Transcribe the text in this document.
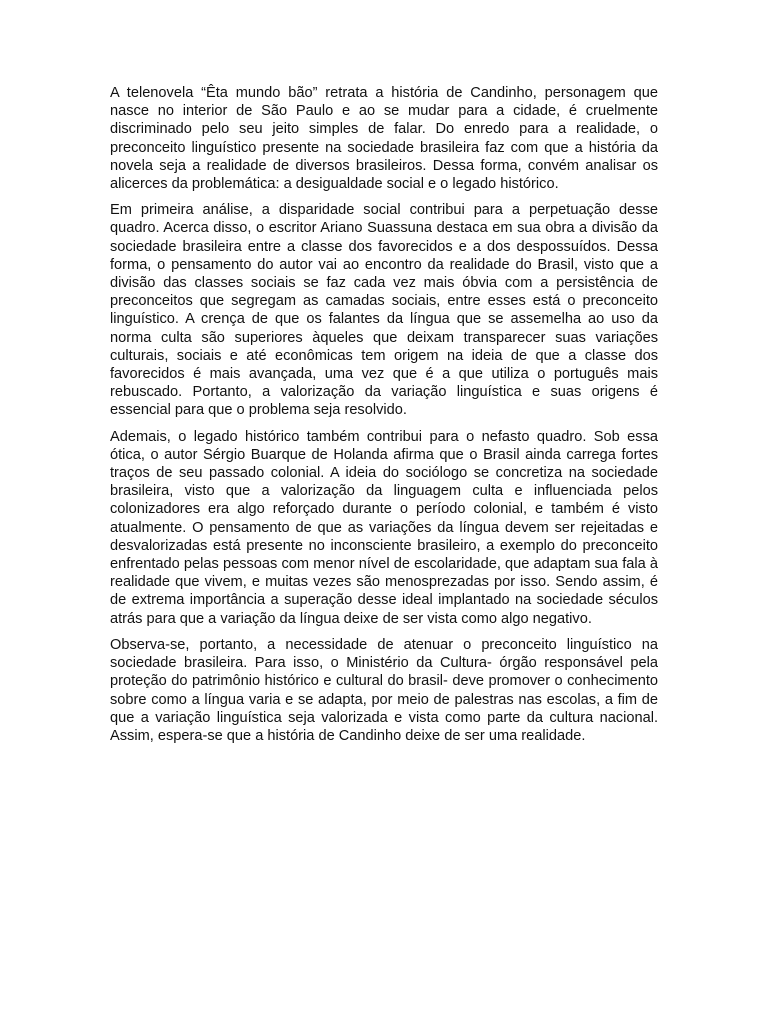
A telenovela “Êta mundo bão” retrata a história de Candinho, personagem que nasce no interior de São Paulo e ao se mudar para a cidade, é cruelmente discriminado pelo seu jeito simples de falar. Do enredo para a realidade, o preconceito linguístico presente na sociedade brasileira faz com que a história da novela seja a realidade de diversos brasileiros. Dessa forma, convém analisar os alicerces da problemática: a desigualdade social e o legado histórico.

Em primeira análise, a disparidade social contribui para a perpetuação desse quadro. Acerca disso, o escritor Ariano Suassuna destaca em sua obra a divisão da sociedade brasileira entre a classe dos favorecidos e a dos despossuídos. Dessa forma, o pensamento do autor vai ao encontro da realidade do Brasil, visto que a divisão das classes sociais se faz cada vez mais óbvia com a persistência de preconceitos que segregam as camadas sociais, entre esses está o preconceito linguístico. A crença de que os falantes da língua que se assemelha ao uso da norma culta são superiores àqueles que deixam transparecer suas variações culturais, sociais e até econômicas tem origem na ideia de que a classe dos favorecidos é mais avançada, uma vez que é a que utiliza o português mais rebuscado. Portanto, a valorização da variação linguística e suas origens é essencial para que o problema seja resolvido.

Ademais, o legado histórico também contribui para o nefasto quadro. Sob essa ótica, o autor Sérgio Buarque de Holanda afirma que o Brasil ainda carrega fortes traços de seu passado colonial. A ideia do sociólogo se concretiza na sociedade brasileira, visto que a valorização da linguagem culta e influenciada pelos colonizadores era algo reforçado durante o período colonial, e também é visto atualmente. O pensamento de que as variações da língua devem ser rejeitadas e desvalorizadas está presente no inconsciente brasileiro, a exemplo do preconceito enfrentado pelas pessoas com menor nível de escolaridade, que adaptam sua fala à realidade que vivem, e muitas vezes são menosprezadas por isso. Sendo assim, é de extrema importância a superação desse ideal implantado na sociedade séculos atrás para que a variação da língua deixe de ser vista como algo negativo.

Observa-se, portanto, a necessidade de atenuar o preconceito linguístico na sociedade brasileira. Para isso, o Ministério da Cultura- órgão responsável pela proteção do patrimônio histórico e cultural do brasil- deve promover o conhecimento sobre como a língua varia e se adapta, por meio de palestras nas escolas, a fim de que a variação linguística seja valorizada e vista como parte da cultura nacional. Assim, espera-se que a história de Candinho deixe de ser uma realidade.
